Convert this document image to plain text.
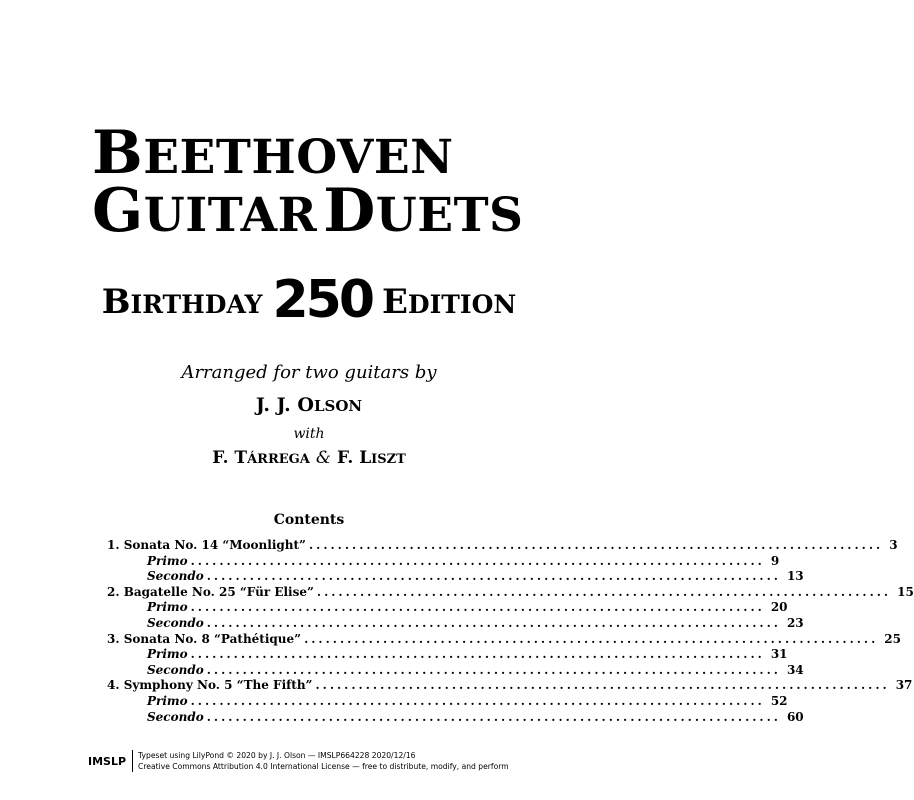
BEETHOVEN
GUITAR DUETS
BIRTHDAY 250 EDITION
Arranged for two guitars by
J. J. OLSON
with
F. TÁRREGA & F. LISZT
Contents
1. Sonata No. 14 “Moonlight” ................................................................................ 3
Primo ................................................................................ 9
Secondo ................................................................................ 13
2. Bagatelle No. 25 “Für Elise” ................................................................................ 15
Primo ................................................................................ 20
Secondo ................................................................................ 23
3. Sonata No. 8 “Pathétique” ................................................................................ 25
Primo ................................................................................ 31
Secondo ................................................................................ 34
4. Symphony No. 5 “The Fifth” ................................................................................ 37
Primo ................................................................................ 52
Secondo ................................................................................ 60
IMSLP Typeset using LilyPond © 2020 by J. J. Olson — IMSLP664228 2020/12/16
Creative Commons Attribution 4.0 International License — free to distribute, modify, and perform
